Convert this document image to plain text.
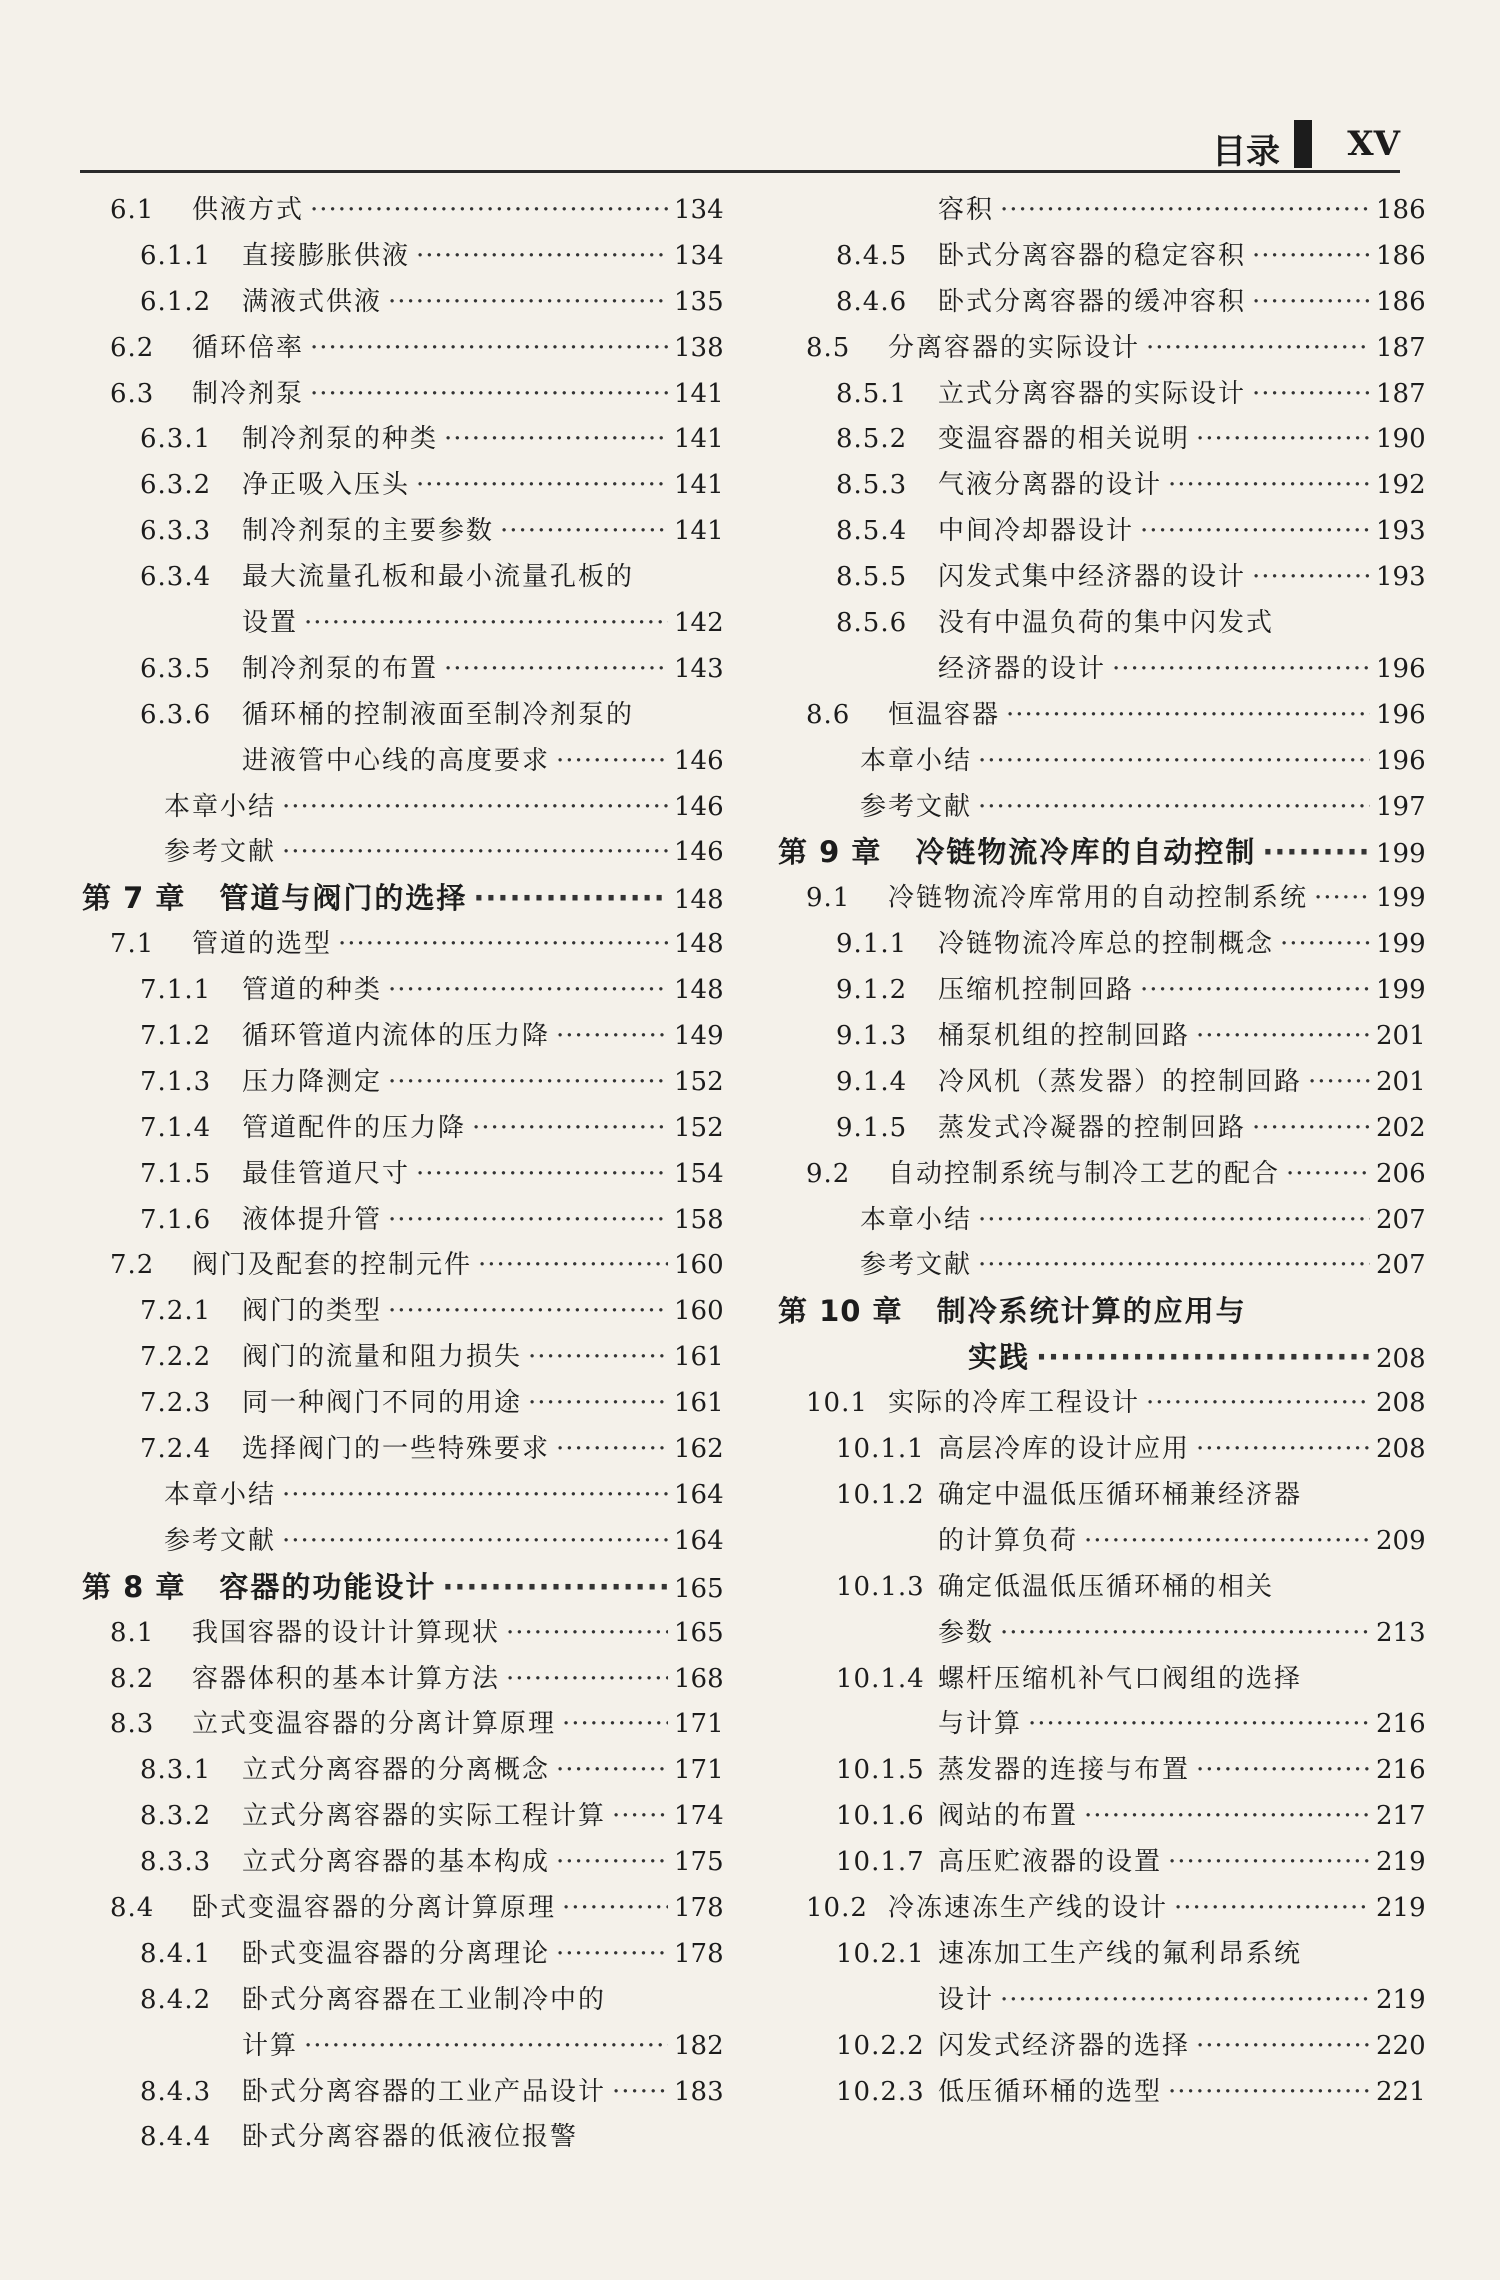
目录 XV
6.1	供液方式 ·····	134
6.1.1	直接膨胀供液 ·····	134
6.1.2	满液式供液 ·····	135
6.2	循环倍率 ·····	138
6.3	制冷剂泵 ·····	141
6.3.1	制冷剂泵的种类 ·····	141
6.3.2	净正吸入压头 ·····	141
6.3.3	制冷剂泵的主要参数 ·····	141
6.3.4	最大流量孔板和最小流量孔板的
设置 ·····	142
6.3.5	制冷剂泵的布置 ·····	143
6.3.6	循环桶的控制液面至制冷剂泵的
进液管中心线的高度要求 ·····	146
本章小结 ·····	146
参考文献 ·····	146
第 7 章 管道与阀门的选择 ·····	148
7.1	管道的选型 ·····	148
7.1.1	管道的种类 ·····	148
7.1.2	循环管道内流体的压力降 ·····	149
7.1.3	压力降测定 ·····	152
7.1.4	管道配件的压力降 ·····	152
7.1.5	最佳管道尺寸 ·····	154
7.1.6	液体提升管 ·····	158
7.2	阀门及配套的控制元件 ·····	160
7.2.1	阀门的类型 ·····	160
7.2.2	阀门的流量和阻力损失 ·····	161
7.2.3	同一种阀门不同的用途 ·····	161
7.2.4	选择阀门的一些特殊要求 ·····	162
本章小结 ·····	164
参考文献 ·····	164
第 8 章 容器的功能设计 ·····	165
8.1	我国容器的设计计算现状 ·····	165
8.2	容器体积的基本计算方法 ·····	168
8.3	立式变温容器的分离计算原理 ·····	171
8.3.1	立式分离容器的分离概念 ·····	171
8.3.2	立式分离容器的实际工程计算 ·····	174
8.3.3	立式分离容器的基本构成 ·····	175
8.4	卧式变温容器的分离计算原理 ·····	178
8.4.1	卧式变温容器的分离理论 ·····	178
8.4.2	卧式分离容器在工业制冷中的
计算 ·····	182
8.4.3	卧式分离容器的工业产品设计 ·····	183
8.4.4	卧式分离容器的低液位报警
容积 ·····	186
8.4.5	卧式分离容器的稳定容积 ·····	186
8.4.6	卧式分离容器的缓冲容积 ·····	186
8.5	分离容器的实际设计 ·····	187
8.5.1	立式分离容器的实际设计 ·····	187
8.5.2	变温容器的相关说明 ·····	190
8.5.3	气液分离器的设计 ·····	192
8.5.4	中间冷却器设计 ·····	193
8.5.5	闪发式集中经济器的设计 ·····	193
8.5.6	没有中温负荷的集中闪发式
经济器的设计 ·····	196
8.6	恒温容器 ·····	196
本章小结 ·····	196
参考文献 ·····	197
第 9 章 冷链物流冷库的自动控制 ·····	199
9.1	冷链物流冷库常用的自动控制系统 ·····	199
9.1.1	冷链物流冷库总的控制概念 ·····	199
9.1.2	压缩机控制回路 ·····	199
9.1.3	桶泵机组的控制回路 ·····	201
9.1.4	冷风机（蒸发器）的控制回路 ·····	201
9.1.5	蒸发式冷凝器的控制回路 ·····	202
9.2	自动控制系统与制冷工艺的配合 ·····	206
本章小结 ·····	207
参考文献 ·····	207
第 10 章 制冷系统计算的应用与
实践 ·····	208
10.1 实际的冷库工程设计 ·····	208
10.1.1 高层冷库的设计应用 ·····	208
10.1.2 确定中温低压循环桶兼经济器
的计算负荷 ·····	209
10.1.3 确定低温低压循环桶的相关
参数 ·····	213
10.1.4 螺杆压缩机补气口阀组的选择
与计算 ·····	216
10.1.5 蒸发器的连接与布置 ·····	216
10.1.6 阀站的布置 ·····	217
10.1.7 高压贮液器的设置 ·····	219
10.2 冷冻速冻生产线的设计 ·····	219
10.2.1 速冻加工生产线的氟利昂系统
设计 ·····	219
10.2.2 闪发式经济器的选择 ·····	220
10.2.3 低压循环桶的选型 ·····	221
